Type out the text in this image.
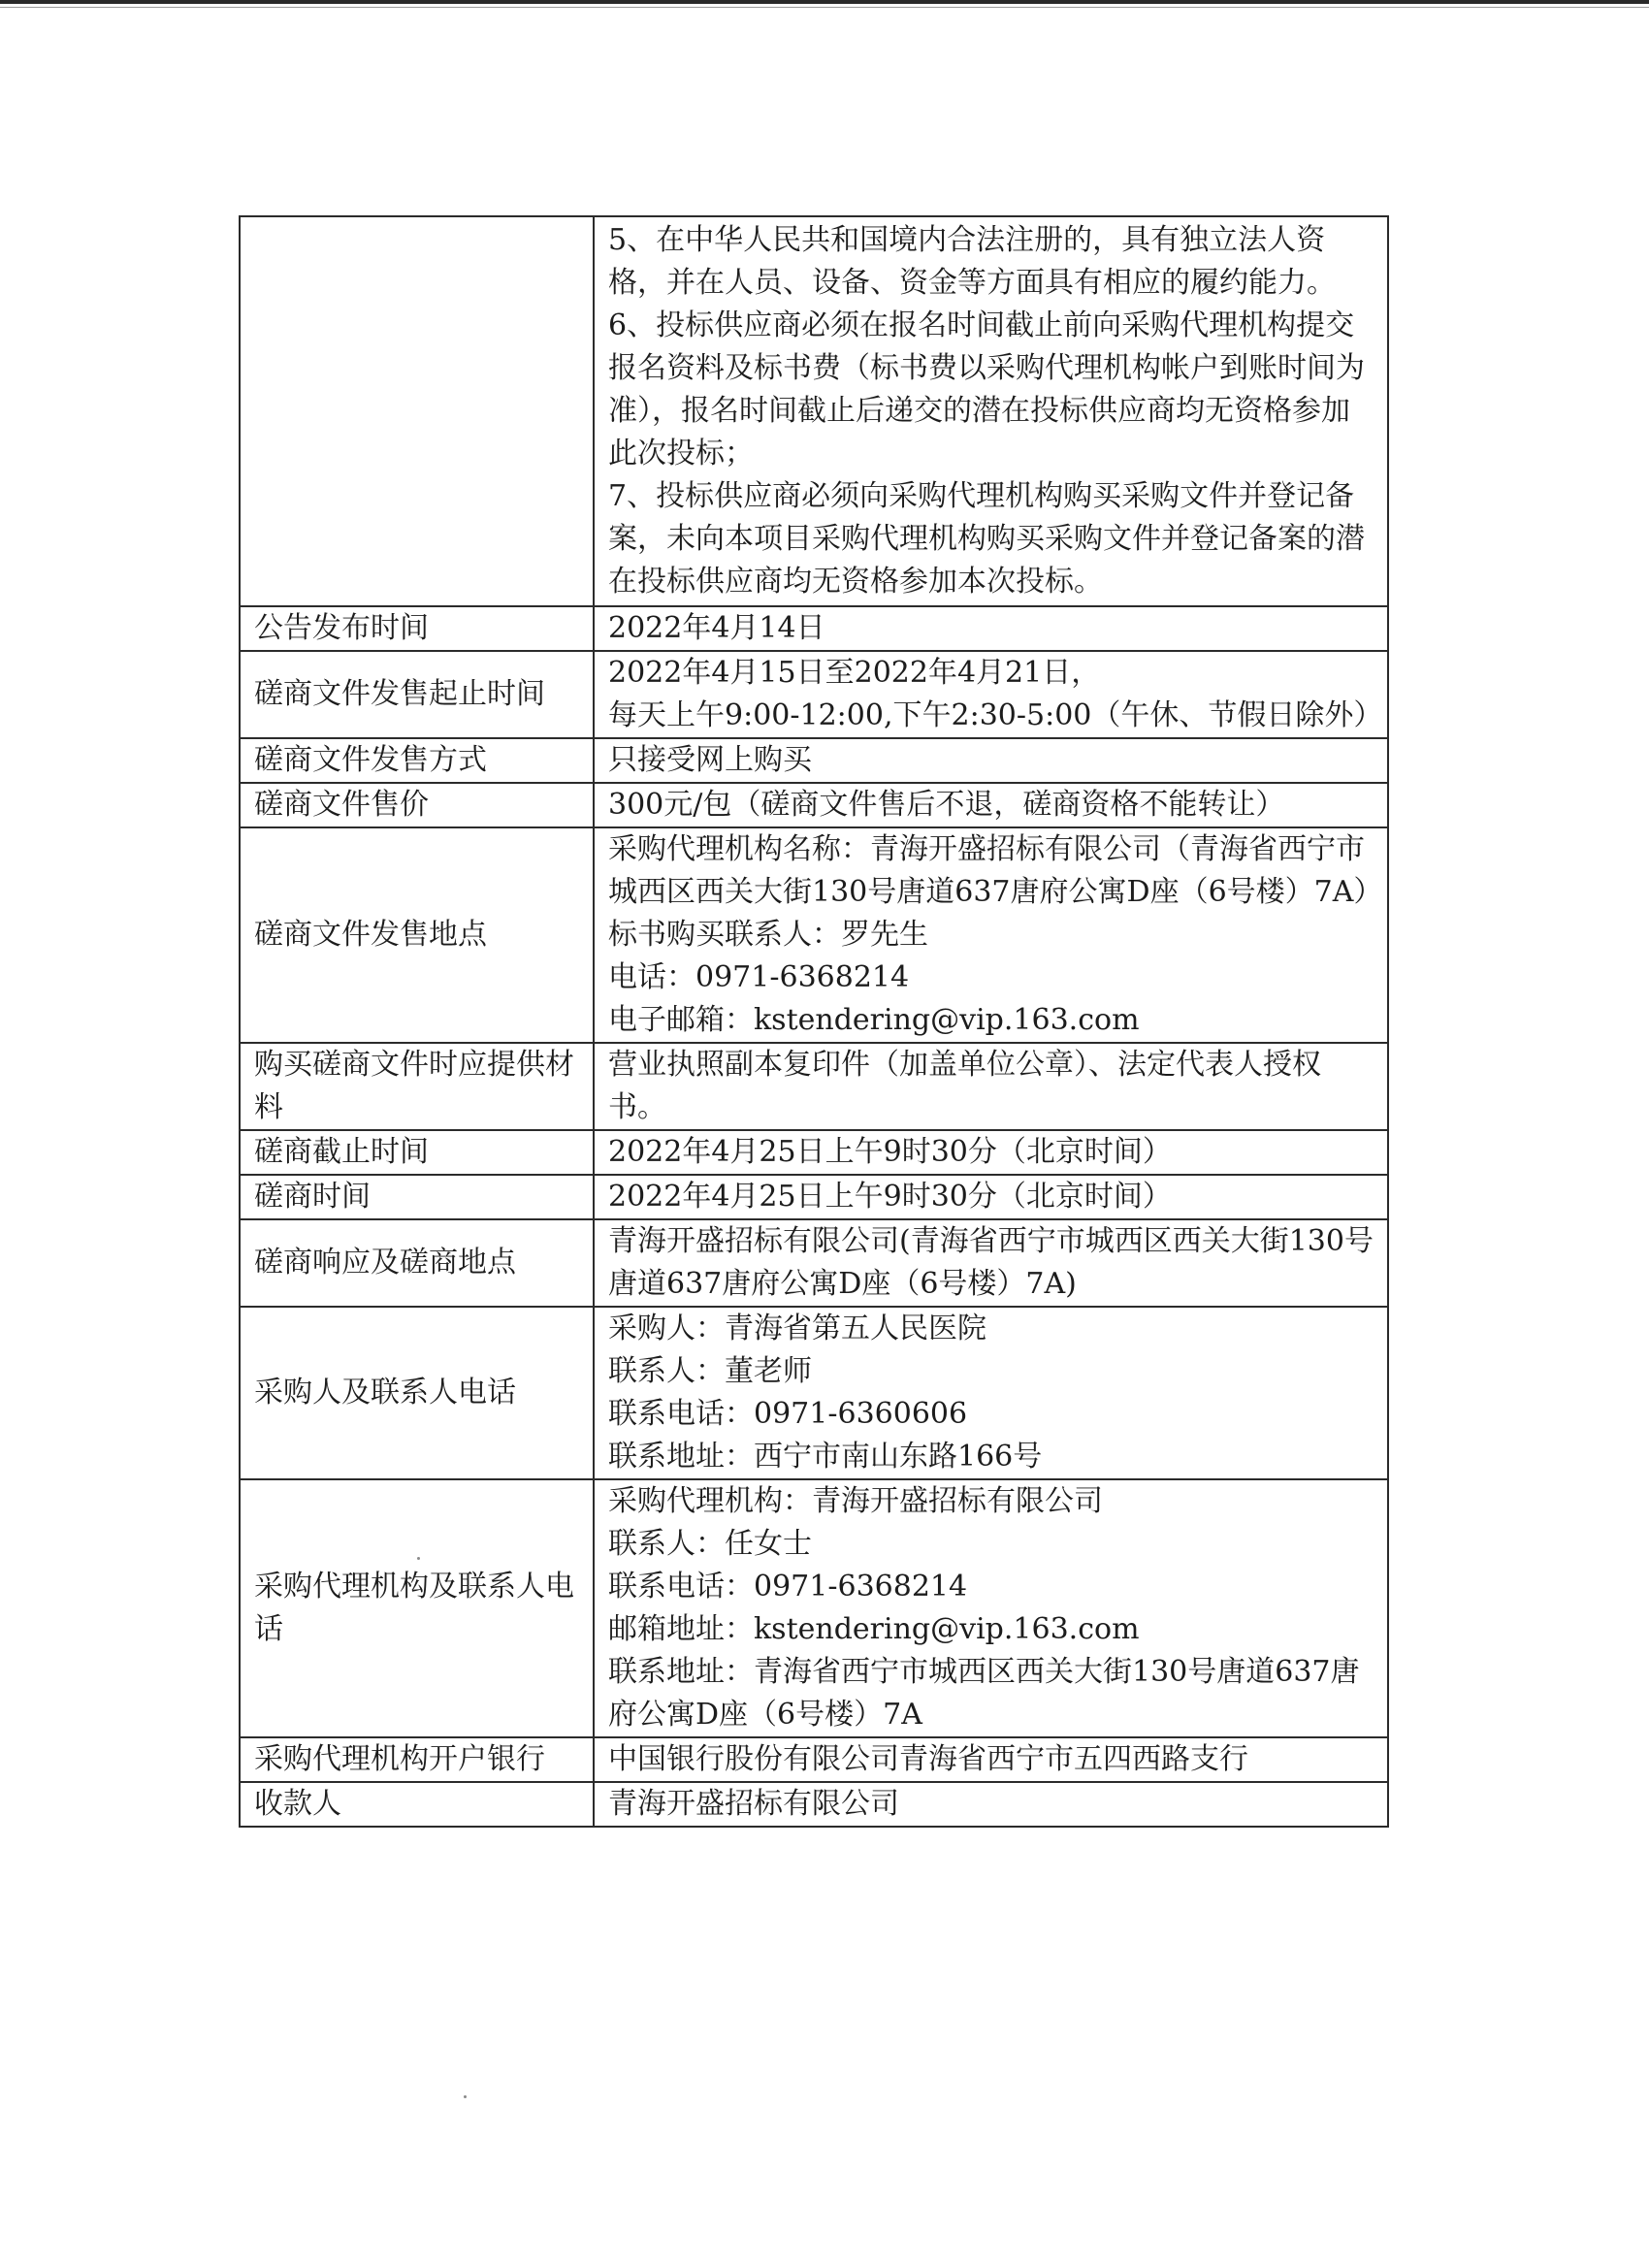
	5、在中华人民共和国境内合法注册的，具有独立法人资格，并在人员、设备、资金等方面具有相应的履约能力。
6、投标供应商必须在报名时间截止前向采购代理机构提交报名资料及标书费（标书费以采购代理机构帐户到账时间为准），报名时间截止后递交的潜在投标供应商均无资格参加此次投标；
7、投标供应商必须向采购代理机构购买采购文件并登记备案，未向本项目采购代理机构购买采购文件并登记备案的潜在投标供应商均无资格参加本次投标。

公告发布时间	2022年4月14日

磋商文件发售起止时间	2022年4月15日至2022年4月21日，
每天上午9:00-12:00,下午2:30-5:00（午休、节假日除外）

磋商文件发售方式	只接受网上购买

磋商文件售价	300元/包（磋商文件售后不退，磋商资格不能转让）

磋商文件发售地点	采购代理机构名称：青海开盛招标有限公司（青海省西宁市城西区西关大街130号唐道637唐府公寓D座（6号楼）7A）
标书购买联系人：罗先生
电话：0971-6368214
电子邮箱：kstendering@vip.163.com

购买磋商文件时应提供材料	营业执照副本复印件（加盖单位公章）、法定代表人授权书。

磋商截止时间	2022年4月25日上午9时30分（北京时间）

磋商时间	2022年4月25日上午9时30分（北京时间）

磋商响应及磋商地点	青海开盛招标有限公司(青海省西宁市城西区西关大街130号唐道637唐府公寓D座（6号楼）7A)

采购人及联系人电话	采购人：青海省第五人民医院
联系人：董老师
联系电话：0971-6360606
联系地址：西宁市南山东路166号

采购代理机构及联系人电话	采购代理机构：青海开盛招标有限公司
联系人：任女士
联系电话：0971-6368214
邮箱地址：kstendering@vip.163.com
联系地址：青海省西宁市城西区西关大街130号唐道637唐府公寓D座（6号楼）7A

采购代理机构开户银行	中国银行股份有限公司青海省西宁市五四西路支行

收款人	青海开盛招标有限公司
